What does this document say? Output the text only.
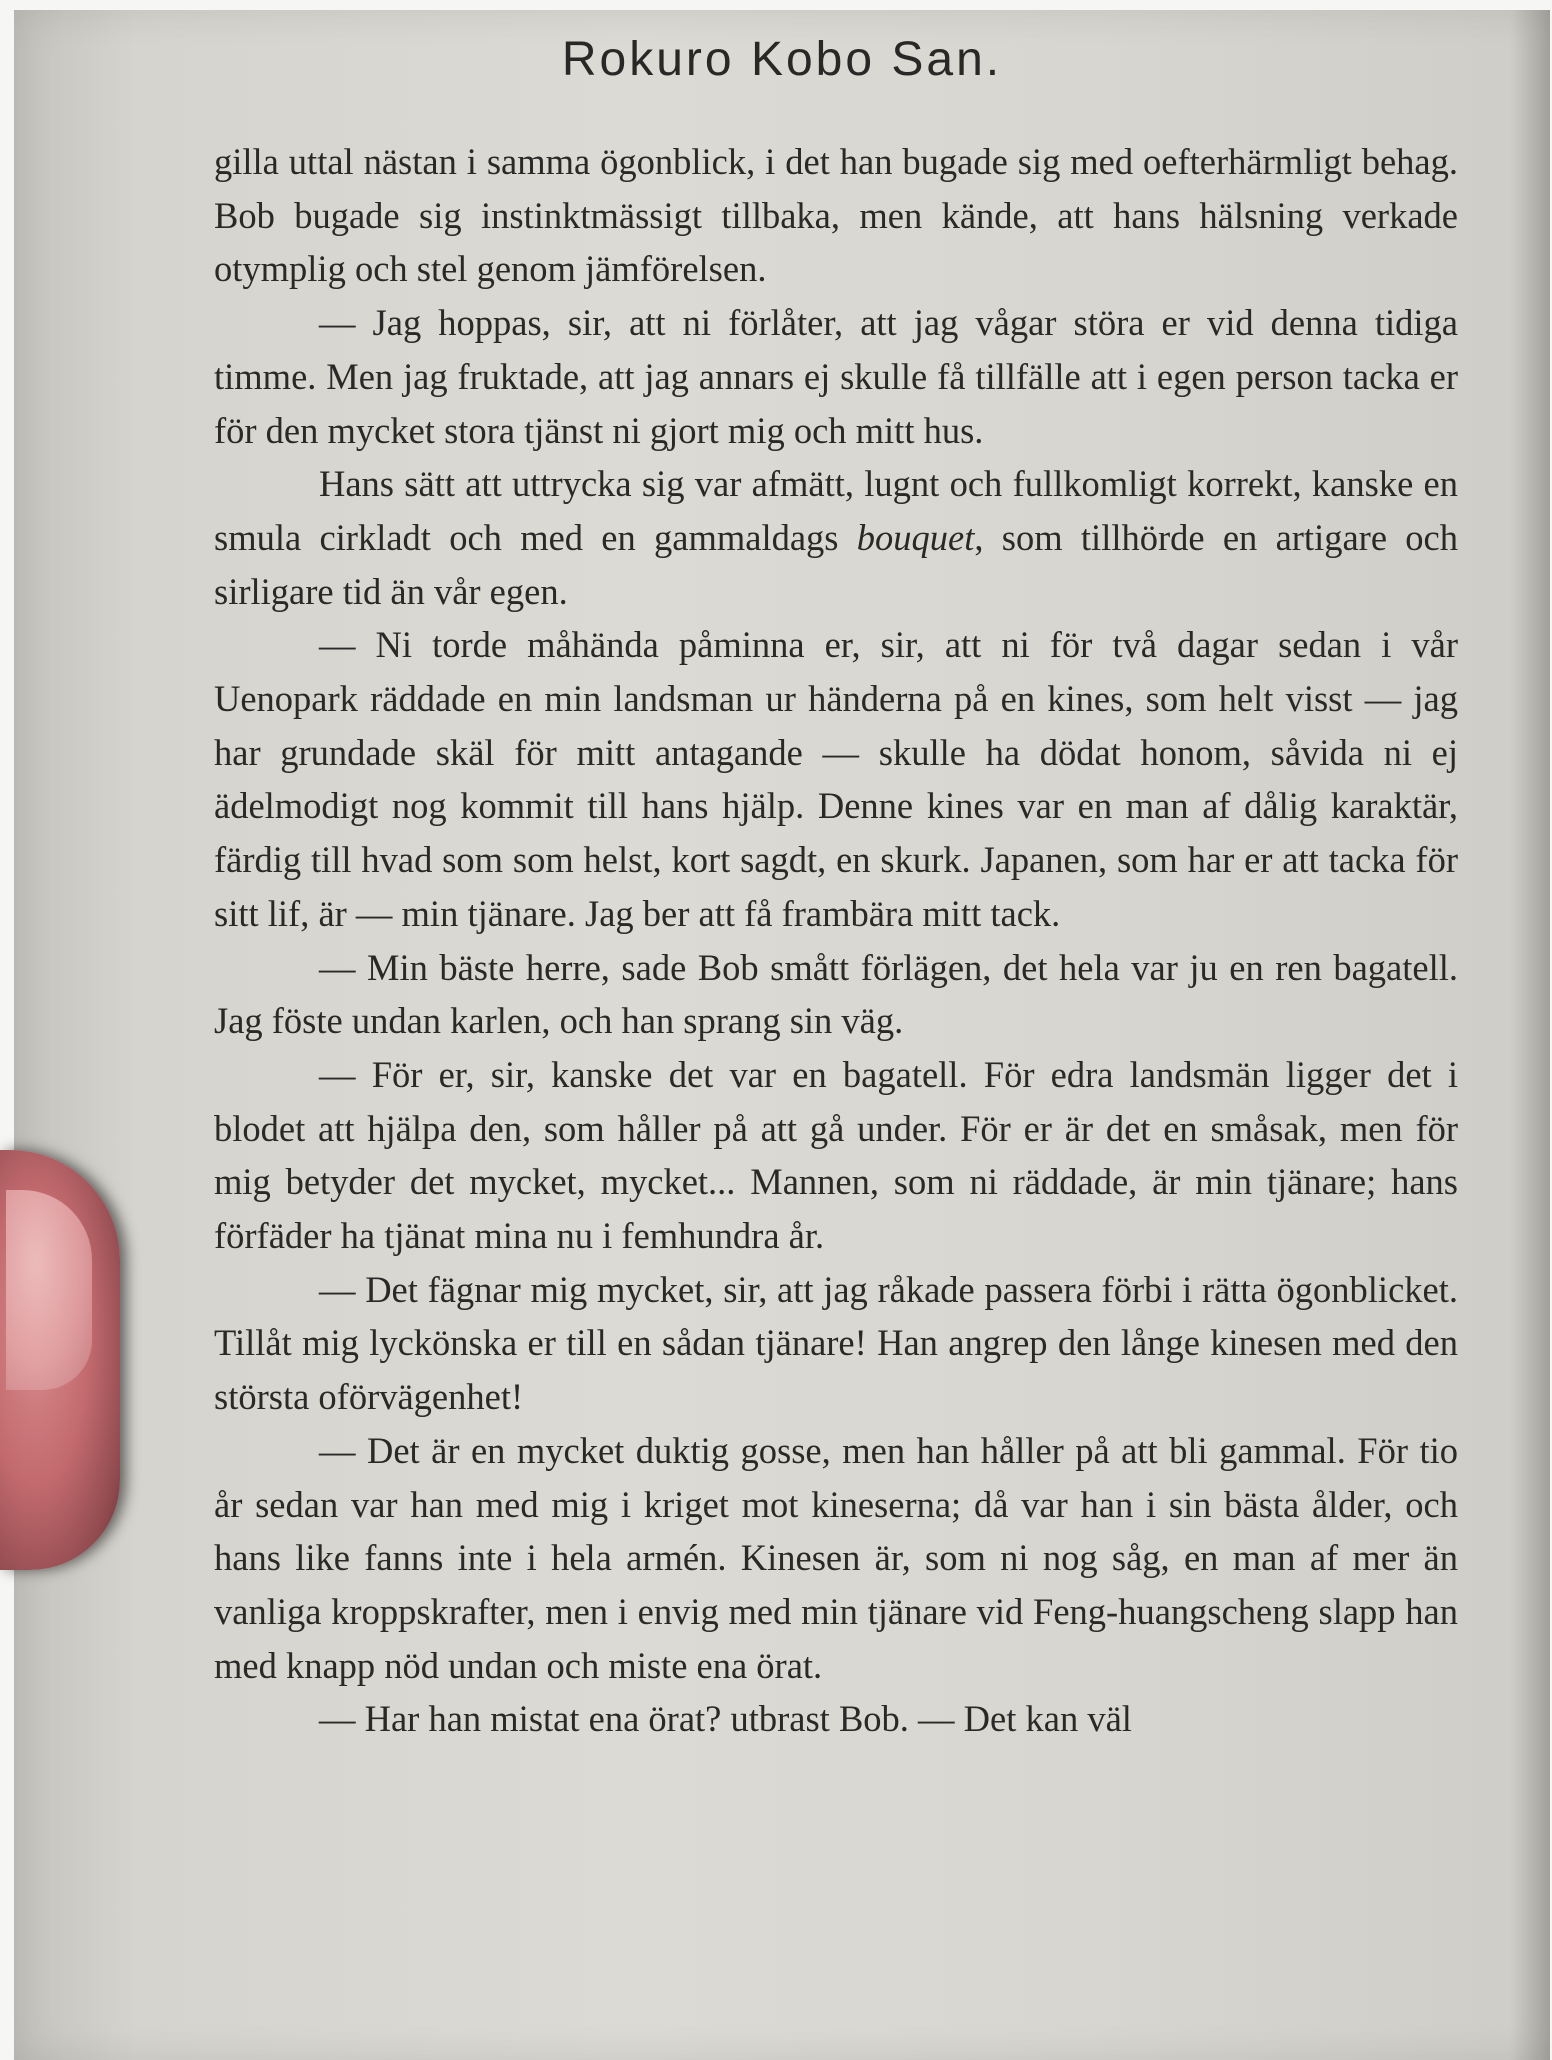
Rokuro Kobo San.

gilla uttal nästan i samma ögonblick, i det han bugade sig med oefterhärmligt behag. Bob bugade sig instinktmässigt tillbaka, men kände, att hans hälsning verkade otymplig och stel genom jämförelsen.

— Jag hoppas, sir, att ni förlåter, att jag vågar störa er vid denna tidiga timme. Men jag fruktade, att jag annars ej skulle få tillfälle att i egen person tacka er för den mycket stora tjänst ni gjort mig och mitt hus.

Hans sätt att uttrycka sig var afmätt, lugnt och fullkomligt korrekt, kanske en smula cirkladt och med en gammaldags bouquet, som tillhörde en artigare och sirligare tid än vår egen.

— Ni torde måhända påminna er, sir, att ni för två dagar sedan i vår Uenopark räddade en min landsman ur händerna på en kines, som helt visst — jag har grundade skäl för mitt antagande — skulle ha dödat honom, såvida ni ej ädelmodigt nog kommit till hans hjälp. Denne kines var en man af dålig karaktär, färdig till hvad som som helst, kort sagdt, en skurk. Japanen, som har er att tacka för sitt lif, är — min tjänare. Jag ber att få frambära mitt tack.

— Min bäste herre, sade Bob smått förlägen, det hela var ju en ren bagatell. Jag föste undan karlen, och han sprang sin väg.

— För er, sir, kanske det var en bagatell. För edra landsmän ligger det i blodet att hjälpa den, som håller på att gå under. För er är det en småsak, men för mig betyder det mycket, mycket... Mannen, som ni räddade, är min tjänare; hans förfäder ha tjänat mina nu i femhundra år.

— Det fägnar mig mycket, sir, att jag råkade passera förbi i rätta ögonblicket. Tillåt mig lyckönska er till en sådan tjänare! Han angrep den långe kinesen med den största oförvägenhet!

— Det är en mycket duktig gosse, men han håller på att bli gammal. För tio år sedan var han med mig i kriget mot kineserna; då var han i sin bästa ålder, och hans like fanns inte i hela armén. Kinesen är, som ni nog såg, en man af mer än vanliga kroppskrafter, men i envig med min tjänare vid Feng-huangscheng slapp han med knapp nöd undan och miste ena örat.

— Har han mistat ena örat? utbrast Bob. — Det kan väl
